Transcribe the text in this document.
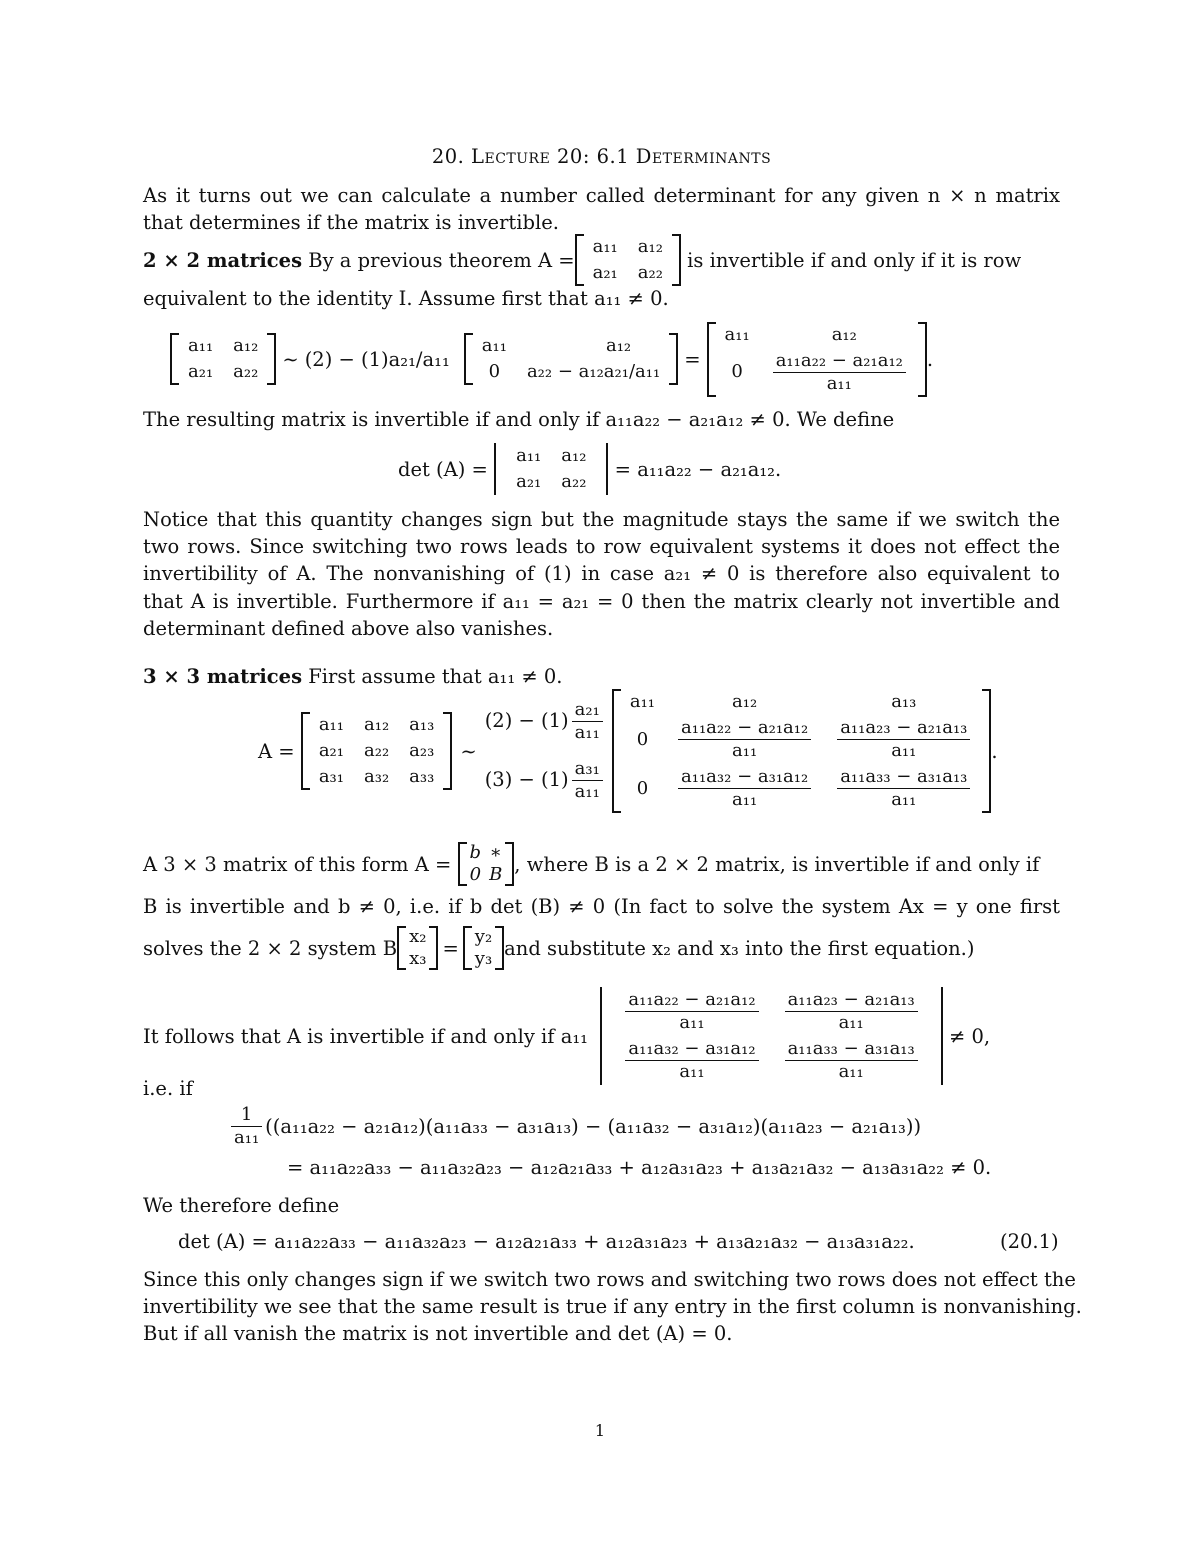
20. Lecture 20: 6.1 Determinants
As it turns out we can calculate a number called determinant for any given n × n matrix
that determines if the matrix is invertible.
2 × 2 matrices
By a previous theorem A =
a₁₁	a₁₂
a₂₁	a₂₂

is invertible if and only if it is row
equivalent to the identity I. Assume first that a₁₁ ≠ 0.
a₁₁	a₁₂
a₂₁	a₂₂
∼ (2) − (1)a₂₁/a₁₁
a₁₁	a₁₂
0	a₂₂ − a₁₂a₂₁/a₁₁
=
a₁₁	a₁₂
0	$\frac{\text{a₁₁a₂₂ − a₂₁a₁₂}}{\text{a₁₁}}$ .
The resulting matrix is invertible if and only if a₁₁a₂₂ − a₂₁a₁₂ ≠ 0. We define
det (A) =

a₁₁	a₁₂
a₂₁	a₂₂

= a₁₁a₂₂ − a₂₁a₁₂.
Notice that this quantity changes sign but the magnitude stays the same if we switch the
two rows. Since switching two rows leads to row equivalent systems it does not effect the
invertibility of A. The nonvanishing of (1) in case a₂₁ ≠ 0 is therefore also equivalent to
that A is invertible. Furthermore if a₁₁ = a₂₁ = 0 then the matrix clearly not invertible and
determinant defined above also vanishes.
3 × 3 matrices First assume that a₁₁ ≠ 0.
A =

a₁₁	a₁₂	a₁₃
a₂₁	a₂₂	a₂₃
a₃₁	a₃₂	a₃₃
∼
$(2) - (1) \frac{\text{a₂₁}}{\text{a₁₁}}$
$(3) - (1) \frac{\text{a₃₁}}{\text{a₁₁}}$
a₁₁	a₁₂	a₁₃
0	$\frac{\text{a₁₁a₂₂ − a₂₁a₁₂}}{\text{a₁₁}}$	$\frac{\text{a₁₁a₂₃ − a₂₁a₁₃}}{\text{a₁₁}}$

0	$\frac{\text{a₁₁a₃₂ − a₃₁a₁₂}}{\text{a₁₁}}$	$\frac{\text{a₁₁a₃₃ − a₃₁a₁₃}}{\text{a₁₁}}$
.
A 3 × 3 matrix of this form A =
b	∗
0	B , where B is a 2 × 2 matrix, is invertible if and only if
B is invertible and b ≠ 0, i.e. if b det (B) ≠ 0 (In fact to solve the system Ax = y one first
solves the 2 × 2 system B x₂
x₃ = y₂
y₃ and substitute x₂ and x₃ into the first equation.)
It follows that A is invertible if and only if a₁₁

$\frac{\text{a₁₁a₂₂ − a₂₁a₁₂}}{\text{a₁₁}}$	$\frac{\text{a₁₁a₂₃ − a₂₁a₁₃}}{\text{a₁₁}}$

$\frac{\text{a₁₁a₃₂ − a₃₁a₁₂}}{\text{a₁₁}}$	$\frac{\text{a₁₁a₃₃ − a₃₁a₁₃}}{\text{a₁₁}}$

≠ 0,
i.e. if
$\frac{1}{\text{a₁₁}} ((a_{11}a_{22} - a_{21}a_{12})(a_{11}a_{33} - a_{31}a_{13}) - (a_{11}a_{32} - a_{31}a_{12})(a_{11}a_{23} - a_{21}a_{13}))$
= a₁₁a₂₂a₃₃ − a₁₁a₃₂a₂₃ − a₁₂a₂₁a₃₃ + a₁₂a₃₁a₂₃ + a₁₃a₂₁a₃₂ − a₁₃a₃₁a₂₂ ≠ 0.
We therefore define
det (A) = a₁₁a₂₂a₃₃ − a₁₁a₃₂a₂₃ − a₁₂a₂₁a₃₃ + a₁₂a₃₁a₂₃ + a₁₃a₂₁a₃₂ − a₁₃a₃₁a₂₂.	(20.1)
Since this only changes sign if we switch two rows and switching two rows does not effect the
invertibility we see that the same result is true if any entry in the first column is nonvanishing.
But if all vanish the matrix is not invertible and det (A) = 0.
1
